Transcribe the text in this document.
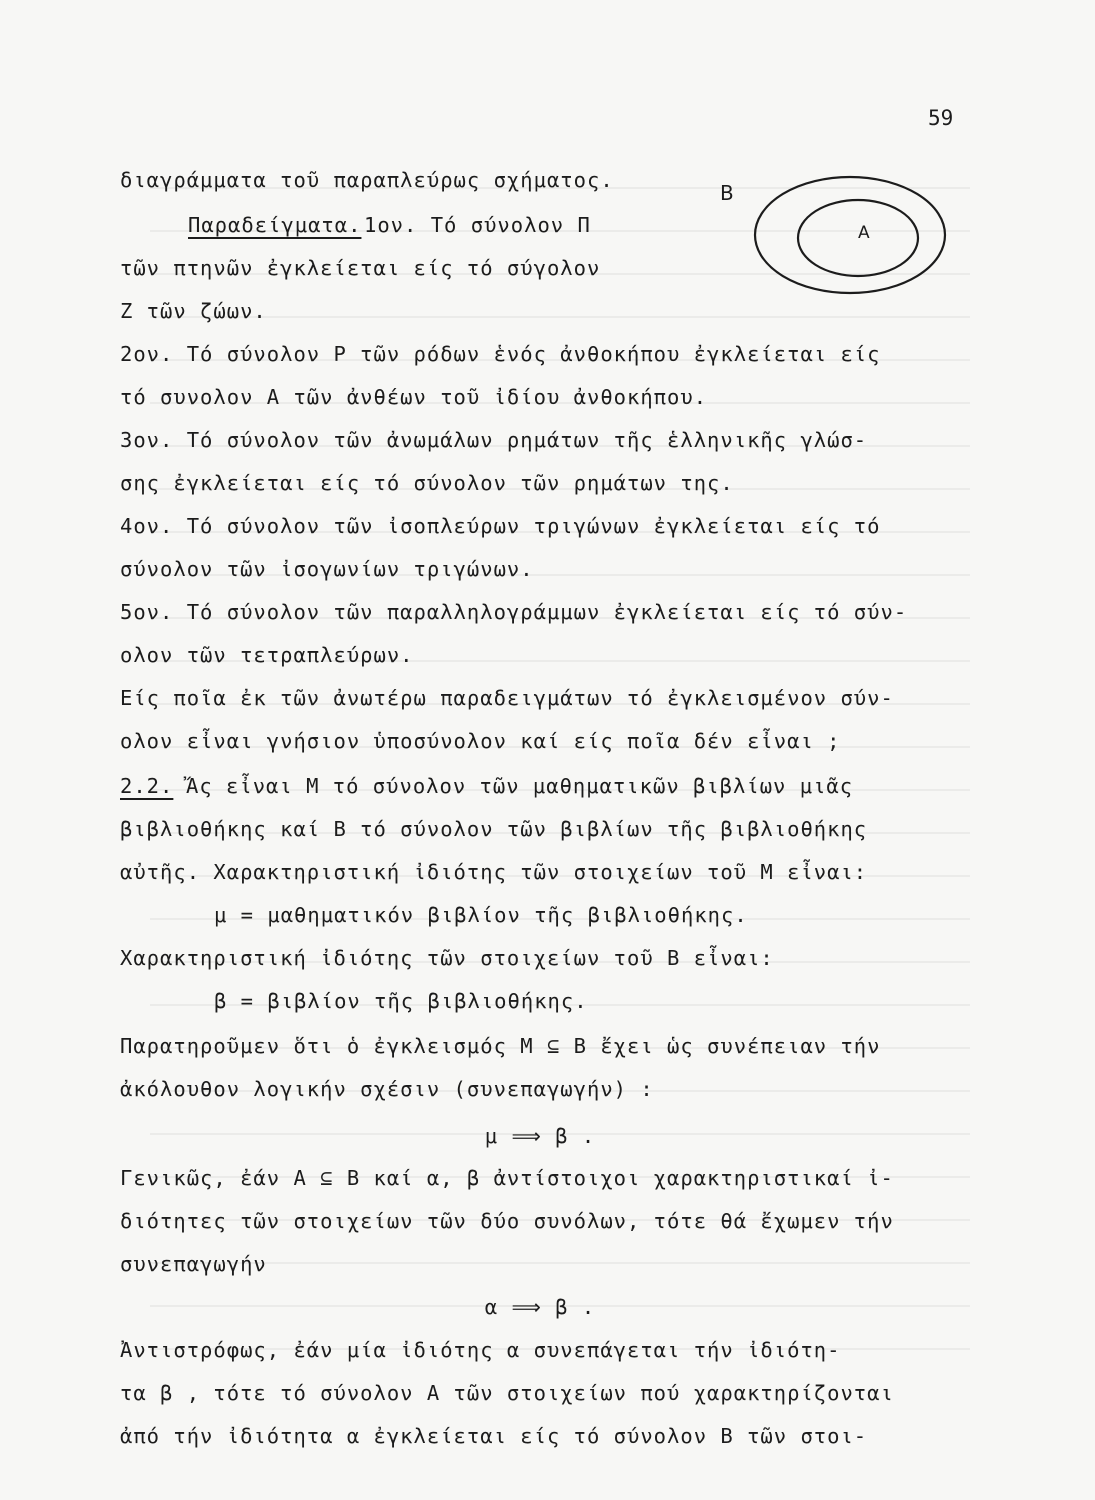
59
B
A
διαγράμματα τοῦ παραπλεύρως σχήματος.
Παραδείγματα. 1ον. Τό σύνολον Π
τῶν πτηνῶν ἐγκλείεται είς τό σύγολον
Ζ τῶν ζώων.
2ον. Τό σύνολον Ρ τῶν ρόδων ἑνός ἀνθοκήπου ἐγκλείεται είς
τό συνολον Α τῶν ἀνθέων τοῦ ἰδίου ἀνθοκήπου.
3ον. Τό σύνολον τῶν ἀνωμάλων ρημάτων τῆς ἑλληνικῆς γλώσ-
σης ἐγκλείεται είς τό σύνολον τῶν ρημάτων της.
4ον. Τό σύνολον τῶν ἰσοπλεύρων τριγώνων ἐγκλείεται είς τό
σύνολον τῶν ἰσογωνίων τριγώνων.
5ον. Τό σύνολον τῶν παραλληλογράμμων ἐγκλείεται είς τό σύν-
ολον τῶν τετραπλεύρων.
Είς ποῖα ἐκ τῶν ἀνωτέρω παραδειγμάτων τό ἐγκλεισμένον σύν-
ολον εἶναι γνήσιον ὑποσύνολον καί είς ποῖα δέν εἶναι ;
2.2. Ἄς εἶναι Μ τό σύνολον τῶν μαθηματικῶν βιβλίων μιᾶς
βιβλιοθήκης καί Β τό σύνολον τῶν βιβλίων τῆς βιβλιοθήκης
αὐτῆς. Χαρακτηριστική ἰδιότης τῶν στοιχείων τοῦ Μ εἶναι:
μ = μαθηματικόν βιβλίον τῆς βιβλιοθήκης.
Χαρακτηριστική ἰδιότης τῶν στοιχείων τοῦ Β εἶναι:
β = βιβλίον τῆς βιβλιοθήκης.
Παρατηροῦμεν ὅτι ὁ ἐγκλεισμός Μ ⊆ Β ἔχει ὡς συνέπειαν τήν
ἀκόλουθον λογικήν σχέσιν (συνεπαγωγήν) :
μ ⟹ β .
Γενικῶς, ἐάν Α ⊆ Β καί α, β ἀντίστοιχοι χαρακτηριστικαί ἰ-
διότητες τῶν στοιχείων τῶν δύο συνόλων, τότε θά ἔχωμεν τήν
συνεπαγωγήν
α ⟹ β .
Ἀντιστρόφως, ἐάν μία ἰδιότης α συνεπάγεται τήν ἰδιότη-
τα β , τότε τό σύνολον Α τῶν στοιχείων πού χαρακτηρίζονται
ἀπό τήν ἰδιότητα α ἐγκλείεται είς τό σύνολον Β τῶν στοι-
